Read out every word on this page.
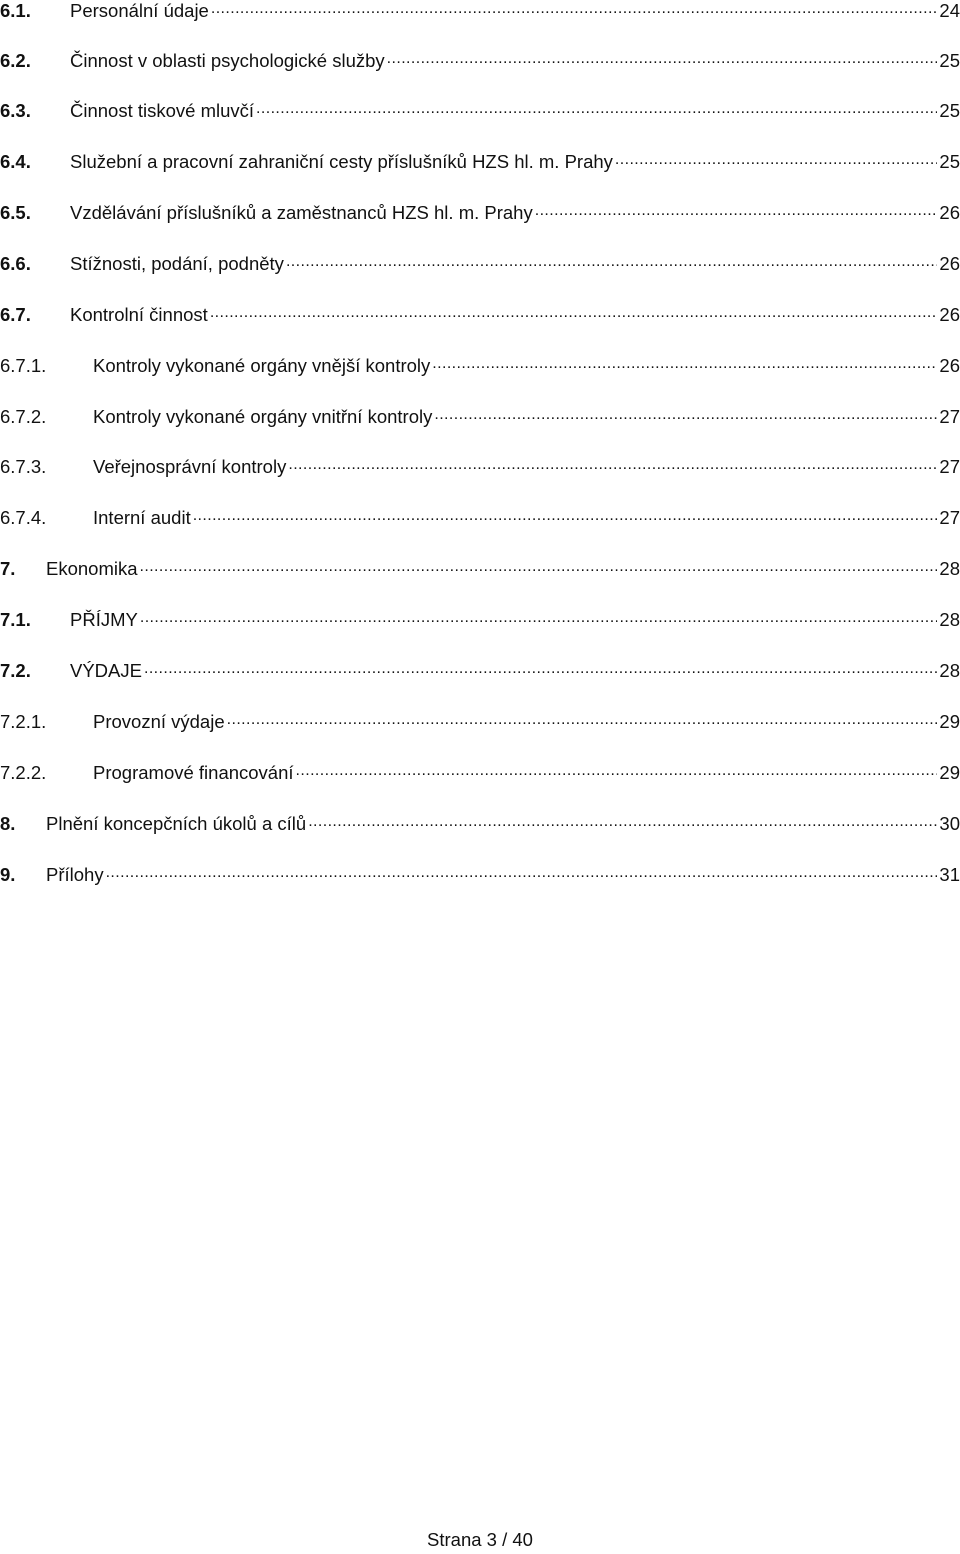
6.1.	Personální údaje .....	24
6.2.	Činnost v oblasti psychologické služby .....	25
6.3.	Činnost tiskové mluvčí .....	25
6.4.	Služební a pracovní zahraniční cesty příslušníků HZS hl. m. Prahy .....	25
6.5.	Vzdělávání příslušníků a zaměstnanců HZS hl. m. Prahy .....	26
6.6.	Stížnosti, podání, podněty .....	26
6.7.	Kontrolní činnost .....	26
6.7.1.	Kontroly vykonané orgány vnější kontroly .....	26
6.7.2.	Kontroly vykonané orgány vnitřní kontroly .....	27
6.7.3.	Veřejnosprávní kontroly .....	27
6.7.4.	Interní audit .....	27
7.	Ekonomika .....	28
7.1.	PŘÍJMY .....	28
7.2.	VÝDAJE .....	28
7.2.1.	Provozní výdaje .....	29
7.2.2.	Programové financování .....	29
8.	Plnění koncepčních úkolů a cílů .....	30
9.	Přílohy .....	31
Strana 3 / 40
